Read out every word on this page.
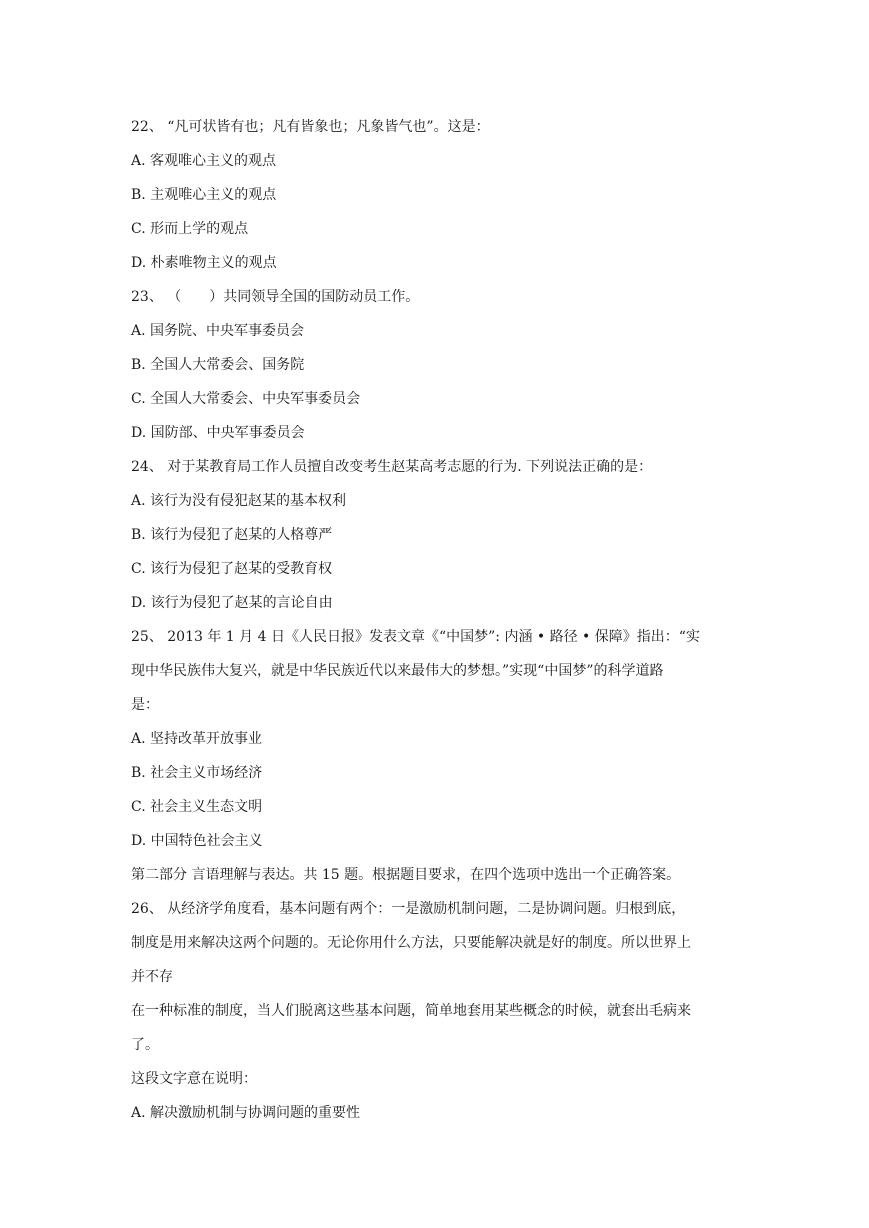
22、 “凡可状皆有也；凡有皆象也；凡象皆气也”。这是：

A. 客观唯心主义的观点

B. 主观唯心主义的观点

C. 形而上学的观点

D. 朴素唯物主义的观点

23、 （　　）共同领导全国的国防动员工作。

A. 国务院、中央军事委员会

B. 全国人大常委会、国务院

C. 全国人大常委会、中央军事委员会

D. 国防部、中央军事委员会

24、 对于某教育局工作人员擅自改变考生赵某高考志愿的行为. 下列说法正确的是：

A. 该行为没有侵犯赵某的基本权利

B. 该行为侵犯了赵某的人格尊严

C. 该行为侵犯了赵某的受教育权

D. 该行为侵犯了赵某的言论自由

25、 2013 年 1 月 4 日《人民日报》发表文章《“中国梦”: 内涵 • 路径 • 保障》指出：“实

现中华民族伟大复兴，就是中华民族近代以来最伟大的梦想。”实现“中国梦”的科学道路

是：

A. 坚持改革开放事业

B. 社会主义市场经济

C. 社会主义生态文明

D. 中国特色社会主义

第二部分 言语理解与表达。共 15 题。根据题目要求，在四个选项中选出一个正确答案。

26、 从经济学角度看，基本问题有两个：一是激励机制问题，二是协调问题。归根到底，

制度是用来解决这两个问题的。无论你用什么方法，只要能解决就是好的制度。所以世界上

并不存

在一种标准的制度，当人们脱离这些基本问题，简单地套用某些概念的时候，就套出毛病来

了。

这段文字意在说明：

A. 解决激励机制与协调问题的重要性
